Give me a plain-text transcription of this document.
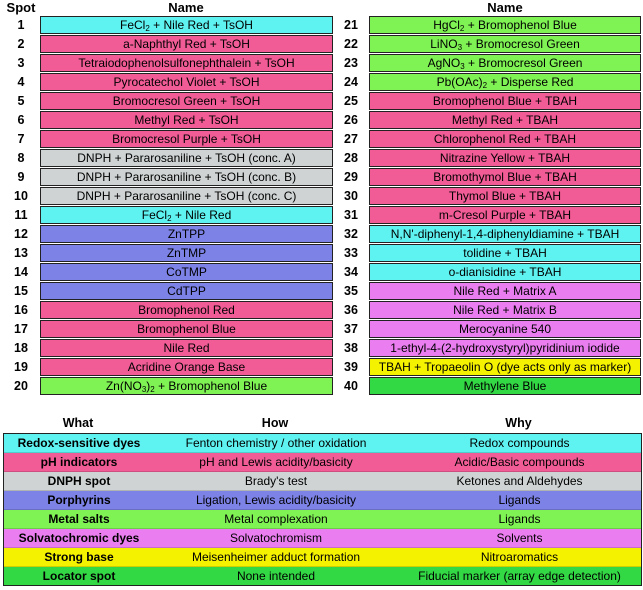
Spot	Name	Name
1	FeCl$_2$ + Nile Red + TsOH
2	a-Naphthyl Red + TsOH
3	Tetraiodophenolsulfonephthalein + TsOH
4	Pyrocatechol Violet + TsOH
5	Bromocresol Green + TsOH
6	Methyl Red + TsOH
7	Bromocresol Purple + TsOH
8	DNPH + Pararosaniline + TsOH (conc. A)
9	DNPH + Pararosaniline + TsOH (conc. B)
10	DNPH + Pararosaniline + TsOH (conc. C)
11	FeCl$_2$ + Nile Red
12	ZnTPP
13	ZnTMP
14	CoTMP
15	CdTPP
16	Bromophenol Red
17	Bromophenol Blue
18	Nile Red
19	Acridine Orange Base
20	$Zn(NO_3)_2$ + Bromophenol Blue
21	HgCl$_2$ + Bromophenol Blue
22	LiNO$_3$ + Bromocresol Green
23	AgNO$_3$ + Bromocresol Green
24	$Pb(OAc)_2$ + Disperse Red
25	Bromophenol Blue + TBAH
26	Methyl Red + TBAH
27	Chlorophenol Red + TBAH
28	Nitrazine Yellow + TBAH
29	Bromothymol Blue + TBAH
30	Thymol Blue + TBAH
31	m-Cresol Purple + TBAH
32	N,N'-diphenyl-1,4-diphenyldiamine + TBAH
33	tolidine + TBAH
34	o-dianisidine + TBAH
35	Nile Red + Matrix A
36	Nile Red + Matrix B
37	Merocyanine 540
38	1-ethyl-4-(2-hydroxystyryl)pyridinium iodide
39	TBAH + Tropaeolin O (dye acts only as marker)
40	Methylene Blue
What	How	Why
Redox-sensitive dyes	Fenton chemistry / other oxidation	Redox compounds
pH indicators	pH and Lewis acidity/basicity	Acidic/Basic compounds
DNPH spot	Brady's test	Ketones and Aldehydes
Porphyrins	Ligation, Lewis acidity/basicity	Ligands
Metal salts	Metal complexation	Ligands
Solvatochromic dyes	Solvatochromism	Solvents
Strong base	Meisenheimer adduct formation	Nitroaromatics
Locator spot	None intended	Fiducial marker (array edge detection)
